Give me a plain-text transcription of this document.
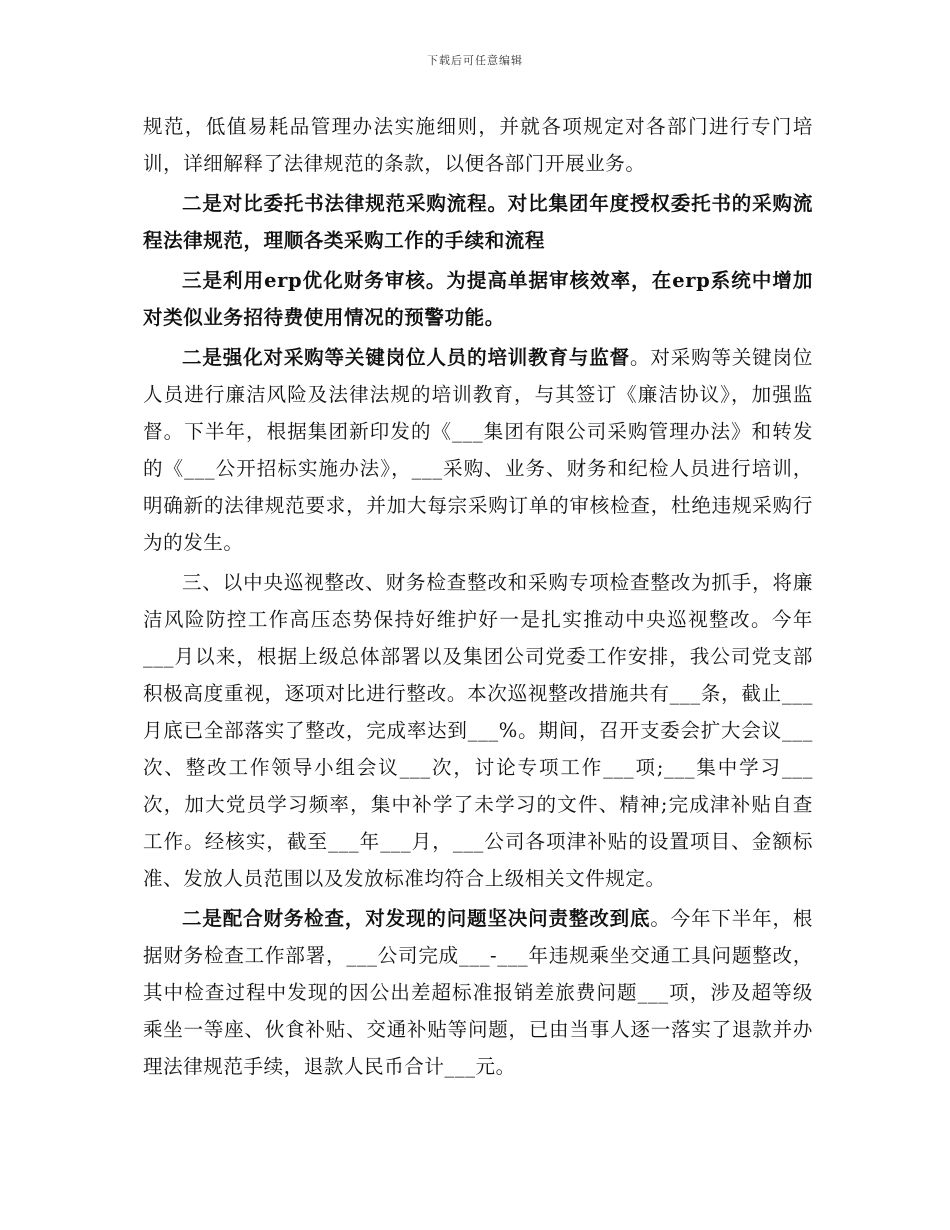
下载后可任意编辑

规范，低值易耗品管理办法实施细则，并就各项规定对各部门进行专门培训，详细解释了法律规范的条款，以便各部门开展业务。

二是对比委托书法律规范采购流程。对比集团年度授权委托书的采购流程法律规范，理顺各类采购工作的手续和流程

三是利用erp优化财务审核。为提高单据审核效率，在erp系统中增加对类似业务招待费使用情况的预警功能。

二是强化对采购等关键岗位人员的培训教育与监督。对采购等关键岗位人员进行廉洁风险及法律法规的培训教育，与其签订《廉洁协议》，加强监督。下半年，根据集团新印发的《___集团有限公司采购管理办法》和转发的《___公开招标实施办法》，___采购、业务、财务和纪检人员进行培训，明确新的法律规范要求，并加大每宗采购订单的审核检查，杜绝违规采购行为的发生。

三、以中央巡视整改、财务检查整改和采购专项检查整改为抓手，将廉洁风险防控工作高压态势保持好维护好一是扎实推动中央巡视整改。今年___月以来，根据上级总体部署以及集团公司党委工作安排，我公司党支部积极高度重视，逐项对比进行整改。本次巡视整改措施共有___条，截止___月底已全部落实了整改，完成率达到___%。期间，召开支委会扩大会议___次、整改工作领导小组会议___次，讨论专项工作___项;___集中学习___次，加大党员学习频率，集中补学了未学习的文件、精神;完成津补贴自查工作。经核实，截至___年___月，___公司各项津补贴的设置项目、金额标准、发放人员范围以及发放标准均符合上级相关文件规定。

二是配合财务检查，对发现的问题坚决问责整改到底。今年下半年，根据财务检查工作部署，___公司完成___-___年违规乘坐交通工具问题整改，其中检查过程中发现的因公出差超标准报销差旅费问题___项，涉及超等级乘坐一等座、伙食补贴、交通补贴等问题，已由当事人逐一落实了退款并办理法律规范手续，退款人民币合计___元。
